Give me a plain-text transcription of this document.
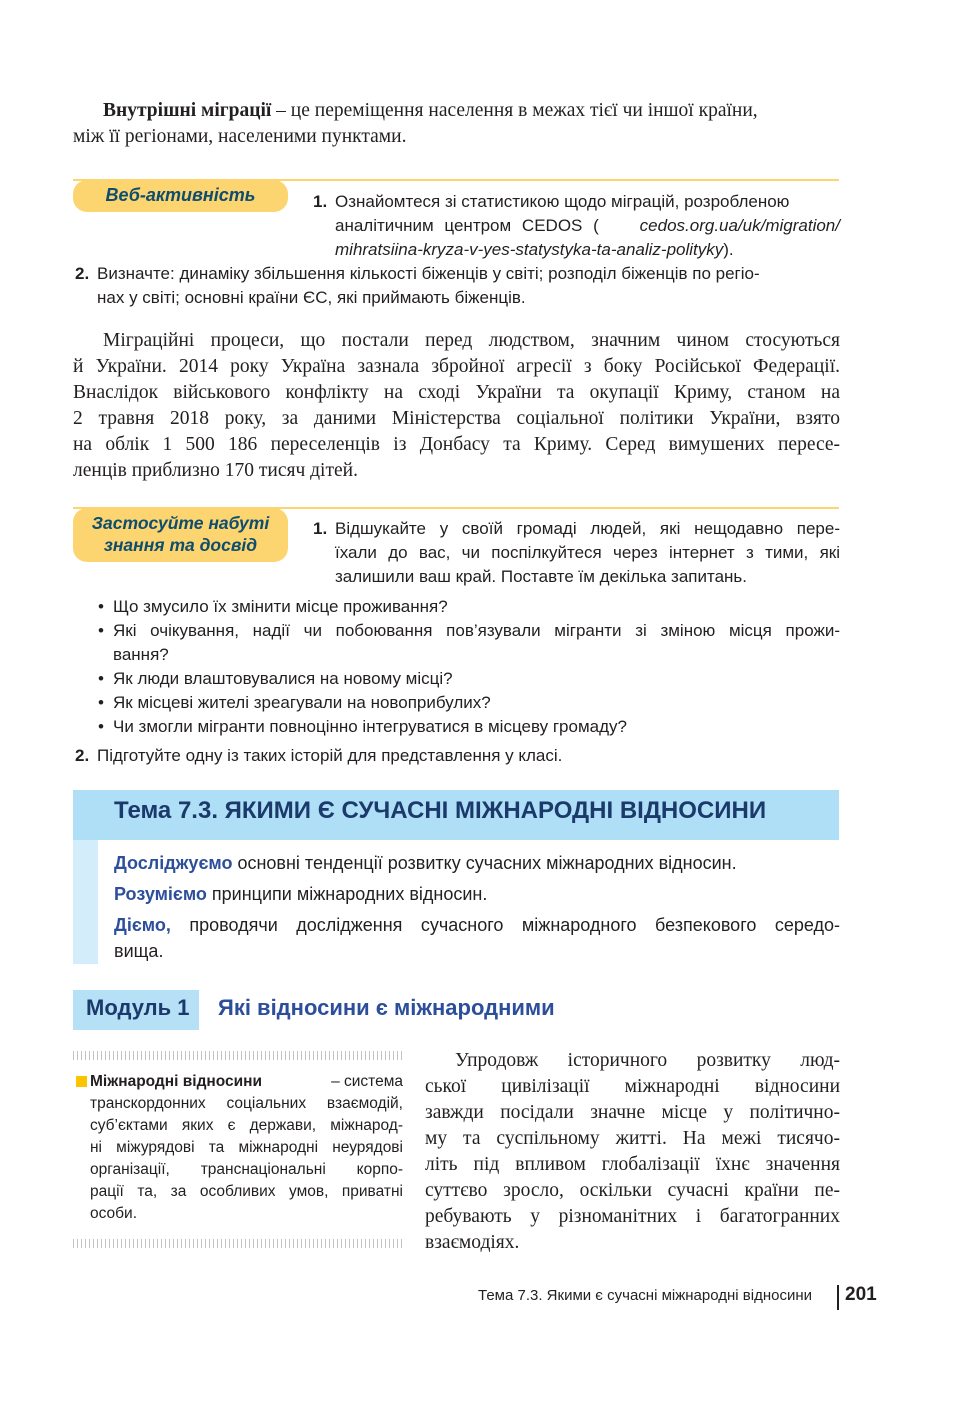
Внутрішні міграції – це переміщення населення в межах тієї чи іншої країни,
між її регіонами, населеними пунктами.
Веб-активність	1. Ознайомтеся зі статистикою щодо міграцій, розробленою
аналітичним центром CEDOS ( cedos.org.ua/uk/migration/
mihratsiina-kryza-v-yes-statystyka-ta-analiz-polityky).
2. Визначте: динаміку збільшення кількості біженців у світі; розподіл біженців по регіо-
нах у світі; основні країни ЄС, які приймають біженців.
Міграційні процеси, що постали перед людством, значним чином стосуються
й України. 2014 року Україна зазнала збройної агресії з боку Російської Федерації.
Внаслідок військового конфлікту на сході України та окупації Криму, станом на
2 травня 2018 року, за даними Міністерства соціальної політики України, взято
на облік 1 500 186 переселенців із Донбасу та Криму. Серед вимушених пересе-
ленців приблизно 170 тисяч дітей.
Застосуйте набуті
знання та досвід
1. Відшукайте у своїй громаді людей, які нещодавно пере-
їхали до вас, чи поспілкуйтеся через інтернет з тими, які
залишили ваш край. Поставте їм декілька запитань.
• Що змусило їх змінити місце проживання?
• Які очікування, надії чи побоювання пов’язували мігранти зі зміною місця прожи-
вання?
• Як люди влаштовувалися на новому місці?
• Як місцеві жителі зреагували на новоприбулих?
• Чи змогли мігранти повноцінно інтегруватися в місцеву громаду?
2. Підготуйте одну із таких історій для представлення у класі.
Тема 7.3. ЯКИМИ Є СУЧАСНІ МІЖНАРОДНІ ВІДНОСИНИ
Досліджуємо основні тенденції розвитку сучасних міжнародних відносин.
Розуміємо принципи міжнародних відносин.
Діємо, проводячи дослідження сучасного міжнародного безпекового середо-
вища.
Модуль 1 Які відносини є міжнародними
Міжнародні відносини	– система
транскордонних соціальних взаємодій,
суб’єктами яких є держави, міжнарод-
ні міжурядові та міжнародні неурядові
організації, транснаціональні корпо-
рації та, за особливих умов, приватні
особи.
Упродовж історичного розвитку люд-
ської цивілізації міжнародні відносини
завжди посідали значне місце у політично-
му та суспільному житті. На межі тисячо-
літь під впливом глобалізації їхнє значення
суттєво зросло, оскільки сучасні країни пе-
ребувають у різноманітних і багатогранних
взаємодіях.
Тема 7.3. Якими є сучасні міжнародні відносини 201
